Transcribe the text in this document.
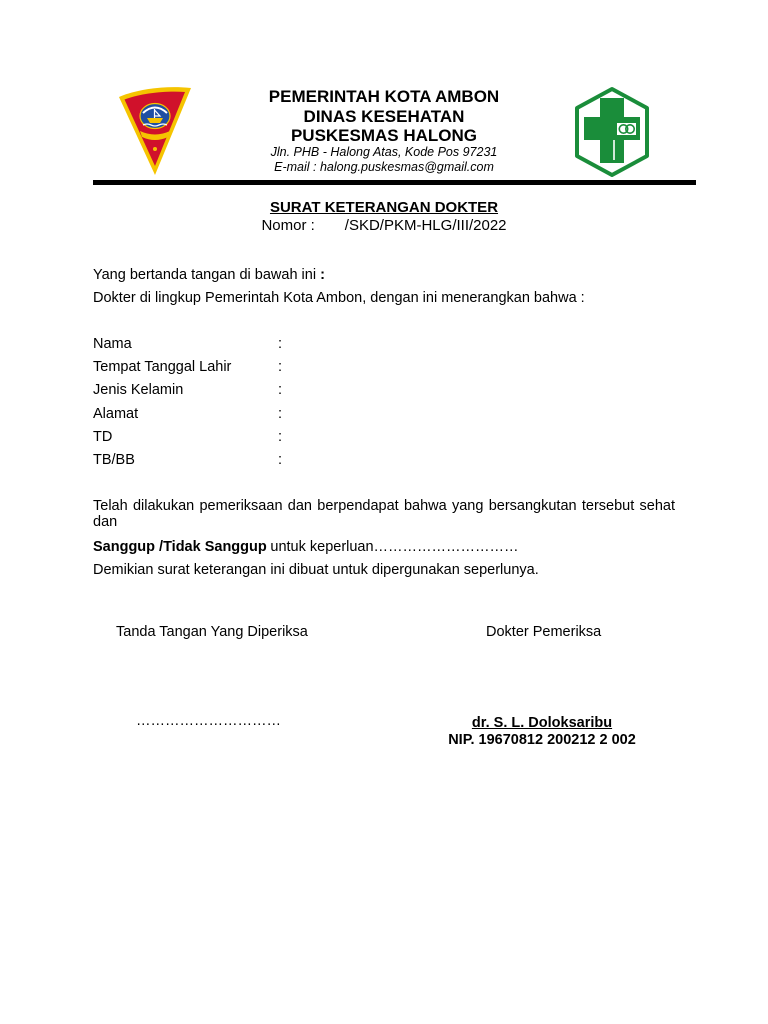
PEMERINTAH KOTA AMBON
DINAS KESEHATAN
PUSKESMAS HALONG
Jln. PHB - Halong Atas, Kode Pos 97231
E-mail : halong.puskesmas@gmail.com
SURAT KETERANGAN DOKTER
Nomor : /SKD/PKM-HLG/III/2022
Yang bertanda tangan di bawah ini :
Dokter di lingkup Pemerintah Kota Ambon, dengan ini menerangkan bahwa :
Nama	:
Tempat Tanggal Lahir	:
Jenis Kelamin	:
Alamat	:
TD	:
TB/BB	:
Telah dilakukan pemeriksaan dan berpendapat bahwa yang bersangkutan tersebut sehat dan
Sanggup /Tidak Sanggup untuk keperluan…………………………
Demikian surat keterangan ini dibuat untuk dipergunakan seperlunya.
Tanda Tangan Yang Diperiksa	Dokter Pemeriksa
…………………………	dr. S. L. Doloksaribu
NIP. 19670812 200212 2 002
